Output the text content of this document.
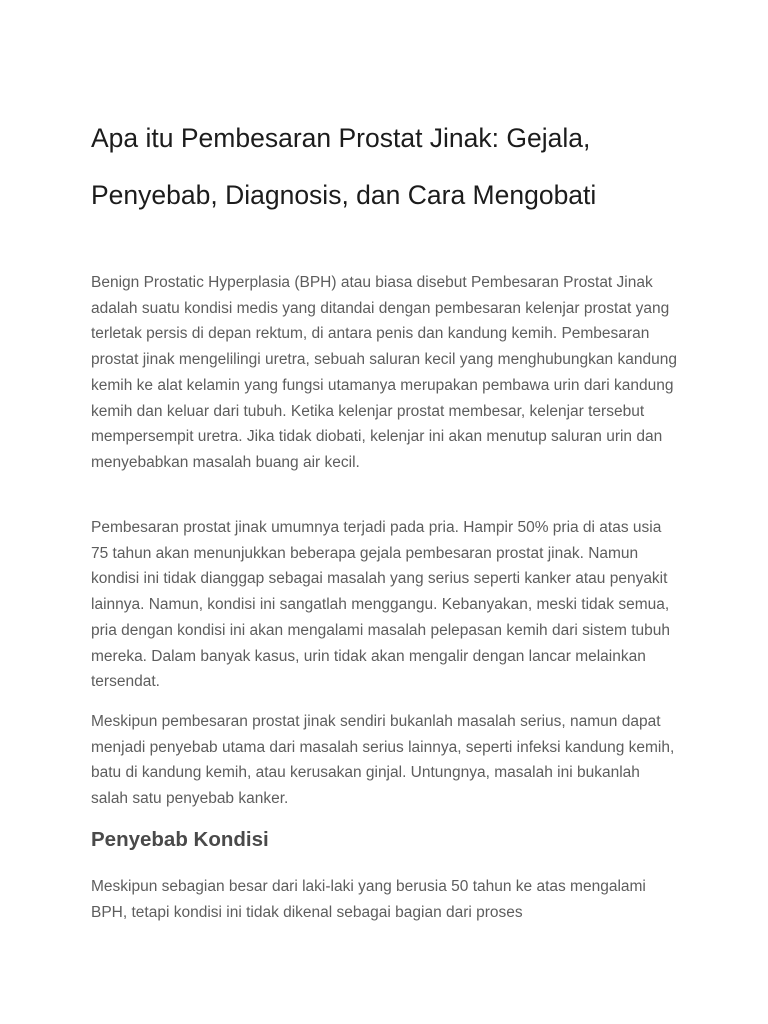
Apa itu Pembesaran Prostat Jinak: Gejala, Penyebab, Diagnosis, dan Cara Mengobati

Benign Prostatic Hyperplasia (BPH) atau biasa disebut Pembesaran Prostat Jinak adalah suatu kondisi medis yang ditandai dengan pembesaran kelenjar prostat yang terletak persis di depan rektum, di antara penis dan kandung kemih. Pembesaran prostat jinak mengelilingi uretra, sebuah saluran kecil yang menghubungkan kandung kemih ke alat kelamin yang fungsi utamanya merupakan pembawa urin dari kandung kemih dan keluar dari tubuh. Ketika kelenjar prostat membesar, kelenjar tersebut mempersempit uretra. Jika tidak diobati, kelenjar ini akan menutup saluran urin dan menyebabkan masalah buang air kecil.

Pembesaran prostat jinak umumnya terjadi pada pria. Hampir 50% pria di atas usia 75 tahun akan menunjukkan beberapa gejala pembesaran prostat jinak. Namun kondisi ini tidak dianggap sebagai masalah yang serius seperti kanker atau penyakit lainnya. Namun, kondisi ini sangatlah menggangu. Kebanyakan, meski tidak semua, pria dengan kondisi ini akan mengalami masalah pelepasan kemih dari sistem tubuh mereka. Dalam banyak kasus, urin tidak akan mengalir dengan lancar melainkan tersendat.

Meskipun pembesaran prostat jinak sendiri bukanlah masalah serius, namun dapat menjadi penyebab utama dari masalah serius lainnya, seperti infeksi kandung kemih, batu di kandung kemih, atau kerusakan ginjal. Untungnya, masalah ini bukanlah salah satu penyebab kanker.

Penyebab Kondisi

Meskipun sebagian besar dari laki-laki yang berusia 50 tahun ke atas mengalami BPH, tetapi kondisi ini tidak dikenal sebagai bagian dari proses
